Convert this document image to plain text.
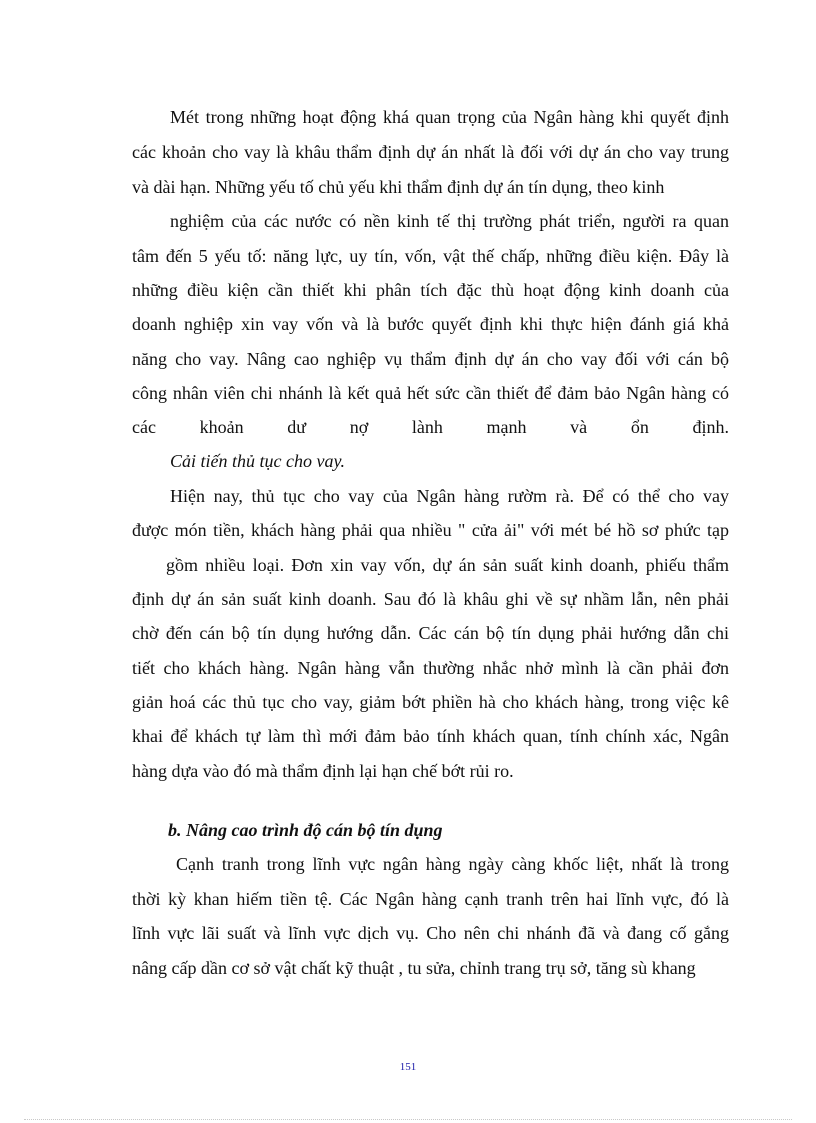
Mét trong những hoạt động khá quan trọng của Ngân hàng khi quyết định
các khoản cho vay là khâu thẩm định dự án nhất là đối với dự án cho vay trung
và dài hạn. Những yếu tố chủ yếu khi thẩm định dự án tín dụng, theo kinh
nghiệm của các nước có nền kinh tế thị trường phát triển, người ra quan
tâm đến 5 yếu tố: năng lực, uy tín, vốn, vật thế chấp, những điều kiện. Đây là
những điều kiện cần thiết khi phân tích đặc thù hoạt động kinh doanh của
doanh nghiệp xin vay vốn và là bước quyết định khi thực hiện đánh giá khả
năng cho vay. Nâng cao nghiệp vụ thẩm định dự án cho vay đối với cán bộ
công nhân viên chi nhánh là kết quả hết sức cần thiết để đảm bảo Ngân hàng có
các khoản dư nợ lành mạnh và ổn định.
Cải tiến thủ tục cho vay.
Hiện nay, thủ tục cho vay của Ngân hàng rườm rà. Để có thể cho vay
được món tiền, khách hàng phải qua nhiều " cửa ải" với mét bé hồ sơ phức tạp
gồm nhiều loại. Đơn xin vay vốn, dự án sản suất kinh doanh, phiếu thẩm
định dự án sản suất kinh doanh. Sau đó là khâu ghi về sự nhầm lẫn, nên phải
chờ đến cán bộ tín dụng hướng dẫn. Các cán bộ tín dụng phải hướng dẫn chi
tiết cho khách hàng. Ngân hàng vẫn thường nhắc nhở mình là cần phải đơn
giản hoá các thủ tục cho vay, giảm bớt phiền hà cho khách hàng, trong việc kê
khai để khách tự làm thì mới đảm bảo tính khách quan, tính chính xác, Ngân
hàng dựa vào đó mà thẩm định lại hạn chế bớt rủi ro.
b. Nâng cao trình độ cán bộ tín dụng
Cạnh tranh trong lĩnh vực ngân hàng ngày càng khốc liệt, nhất là trong
thời kỳ khan hiếm tiền tệ. Các Ngân hàng cạnh tranh trên hai lĩnh vực, đó là
lĩnh vực lãi suất và lĩnh vực dịch vụ. Cho nên chi nhánh đã và đang cố gắng
nâng cấp dần cơ sở vật chất kỹ thuật , tu sửa, chỉnh trang trụ sở, tăng sù khang
151
